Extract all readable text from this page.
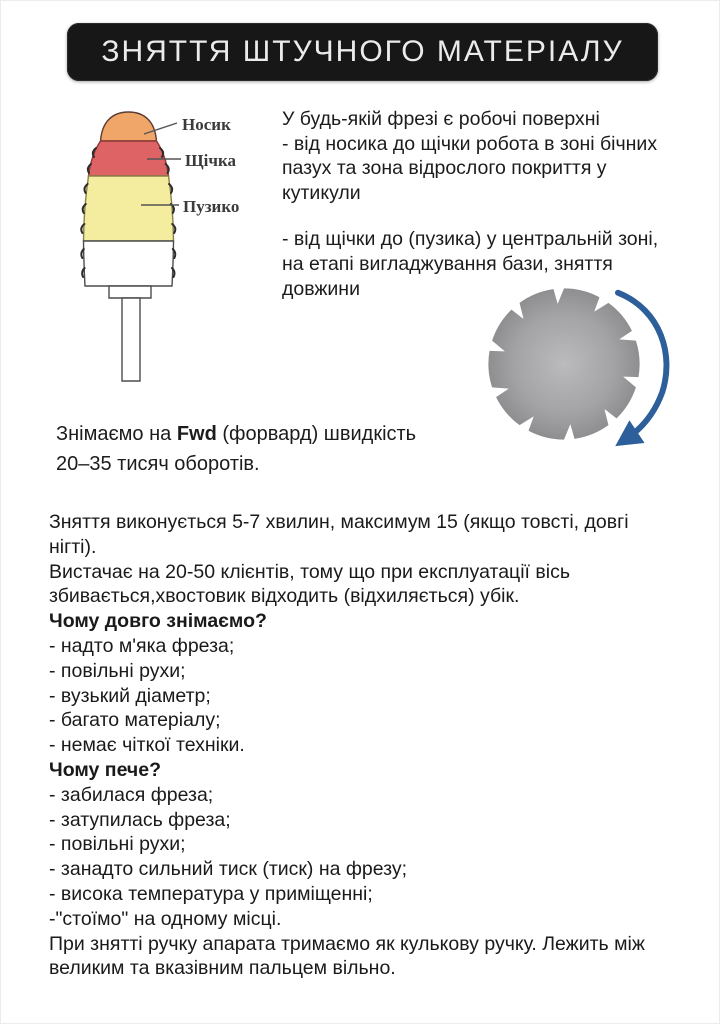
ЗНЯТТЯ ШТУЧНОГО МАТЕРІАЛУ
Носик
Щічка
Пузико
У будь-якій фрезі є робочі поверхні
- від носика до щічки робота в зоні бічних пазух та зона відрослого покриття у кутикули
- від щічки до (пузика) у центральній зоні, на етапі вигладжування бази, зняття довжини
Знімаємо на Fwd (форвард) швидкість 20–35 тисяч оборотів.
Зняття виконується 5-7 хвилин, максимум 15 (якщо товсті, довгі нігті).
Вистачає на 20-50 клієнтів, тому що при експлуатації вісь збивається,хвостовик відходить (відхиляється) убік.
Чому довго знімаємо?
- надто м'яка фреза;
- повільні рухи;
- вузький діаметр;
- багато матеріалу;
- немає чіткої техніки.
Чому пече?
- забилася фреза;
- затупилась фреза;
- повільні рухи;
- занадто сильний тиск (тиск) на фрезу;
- висока температура у приміщенні;
-"стоїмо" на одному місці.
При знятті ручку апарата тримаємо як кулькову ручку. Лежить між великим та вказівним пальцем вільно.
